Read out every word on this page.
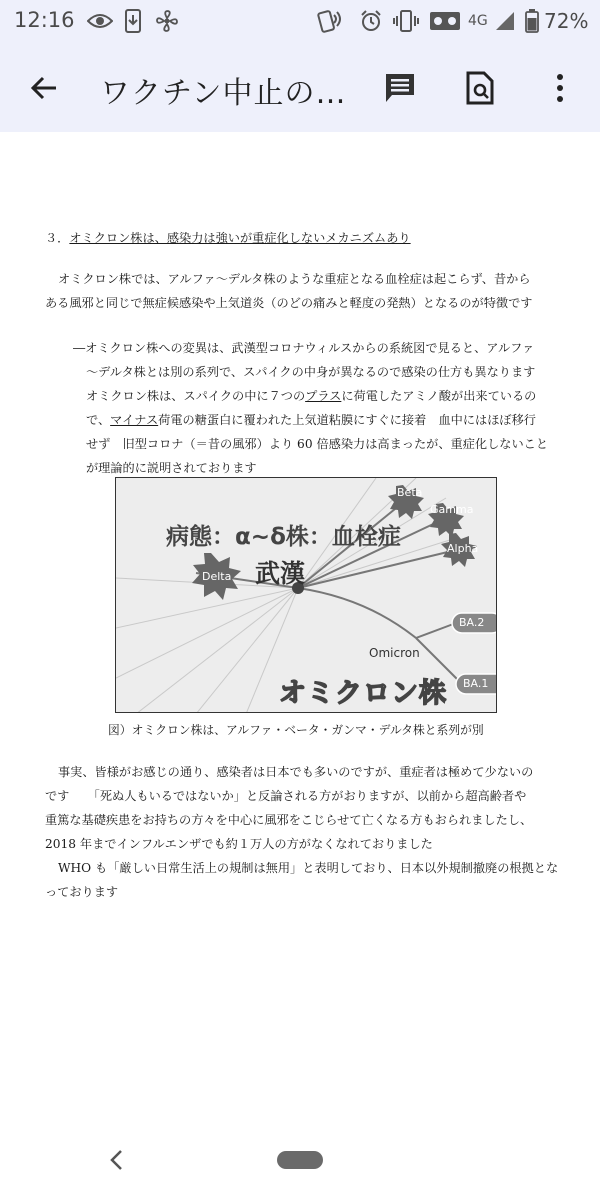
12:16	4G	72%
ワクチン中止の…
３．オミクロン株は、感染力は強いが重症化しないメカニズムあり
オミクロン株では、アルファ〜デルタ株のような重症となる血栓症は起こらず、昔から
ある風邪と同じで無症候感染や上気道炎（のどの痛みと軽度の発熱）となるのが特徴です
―オミクロン株への変異は、武漢型コロナウィルスからの系統図で見ると、アルファ
〜デルタ株とは別の系列で、スパイクの中身が異なるので感染の仕方も異なります
オミクロン株は、スパイクの中に７つのプラスに荷電したアミノ酸が出来ているの
で、マイナス荷電の糖蛋白に覆われた上気道粘膜にすぐに接着　血中にはほぼ移行
せず　旧型コロナ（＝昔の風邪）より 60 倍感染力は高まったが、重症化しないこと
が理論的に説明されております
Beta
Gamma
Alpha
Delta
BA.2
BA.1
病態：α~δ株：血栓症
武漢
Omicron
オミクロン株
図）オミクロン株は、アルファ・ベータ・ガンマ・デルタ株と系列が別
事実、皆様がお感じの通り、感染者は日本でも多いのですが、重症者は極めて少ないの
です　　「死ぬ人もいるではないか」と反論される方がおりますが、以前から超高齢者や
重篤な基礎疾患をお持ちの方々を中心に風邪をこじらせて亡くなる方もおられましたし、
2018 年までインフルエンザでも約１万人の方がなくなれておりました
WHO も「厳しい日常生活上の規制は無用」と表明しており、日本以外規制撤廃の根拠とな
っております
